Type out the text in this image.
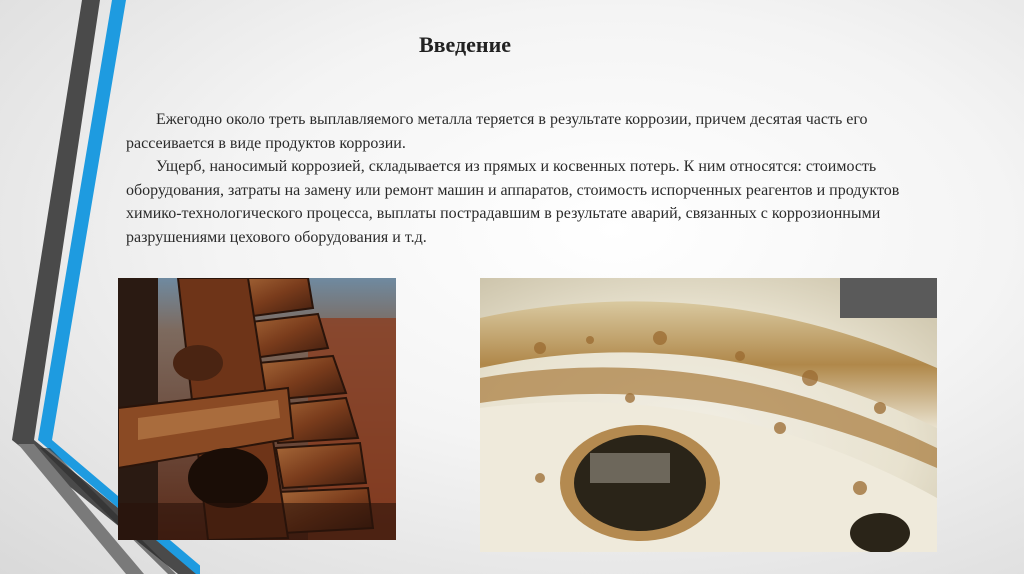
Введение

Ежегодно около трeть выплавляемого металла теряется в результате коррозии, причем десятая часть его рассеивается в виде продуктов коррозии.

Ущерб, наносимый коррозией, складывается из прямых и косвенных потерь. К ним относятся: стоимость оборудования, затраты на замену или ремонт машин и аппаратов, стоимость испорченных реагентов и продуктов химико-технологического процесса, выплаты пострадавшим в результате аварий, связанных с коррозионными разрушениями цехового оборудования и т.д.
